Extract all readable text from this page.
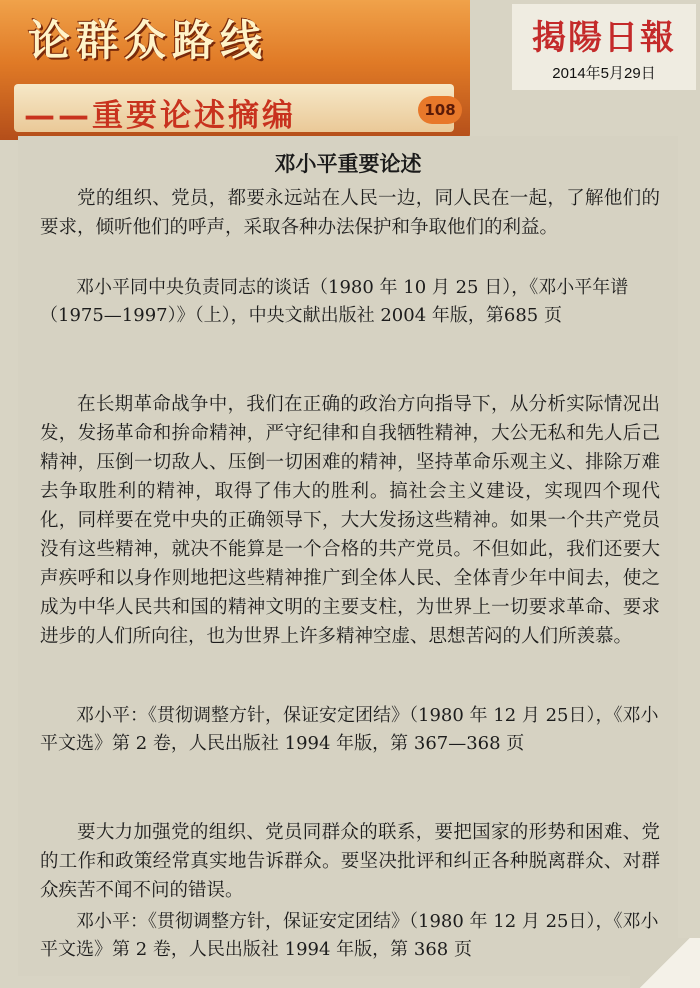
论群众路线
——重要论述摘编	108
揭陽日報
2014年5月29日
邓小平重要论述

党的组织、党员，都要永远站在人民一边，同人民在一起，了解他们的要求，倾听他们的呼声，采取各种办法保护和争取他们的利益。

邓小平同中央负责同志的谈话（1980 年 10 月 25 日），《邓小平年谱（1975—1997）》（上），中央文献出版社 2004 年版，第685 页

在长期革命战争中，我们在正确的政治方向指导下，从分析实际情况出发，发扬革命和拚命精神，严守纪律和自我牺牲精神，大公无私和先人后己精神，压倒一切敌人、压倒一切困难的精神，坚持革命乐观主义、排除万难去争取胜利的精神，取得了伟大的胜利。搞社会主义建设，实现四个现代化，同样要在党中央的正确领导下，大大发扬这些精神。如果一个共产党员没有这些精神，就决不能算是一个合格的共产党员。不但如此，我们还要大声疾呼和以身作则地把这些精神推广到全体人民、全体青少年中间去，使之成为中华人民共和国的精神文明的主要支柱，为世界上一切要求革命、要求进步的人们所向往，也为世界上许多精神空虚、思想苦闷的人们所羡慕。

邓小平：《贯彻调整方针，保证安定团结》（1980 年 12 月 25日），《邓小平文选》第 2 卷，人民出版社 1994 年版，第 367—368 页

要大力加强党的组织、党员同群众的联系，要把国家的形势和困难、党的工作和政策经常真实地告诉群众。要坚决批评和纠正各种脱离群众、对群众疾苦不闻不问的错误。

邓小平：《贯彻调整方针，保证安定团结》（1980 年 12 月 25日），《邓小平文选》第 2 卷，人民出版社 1994 年版，第 368 页
